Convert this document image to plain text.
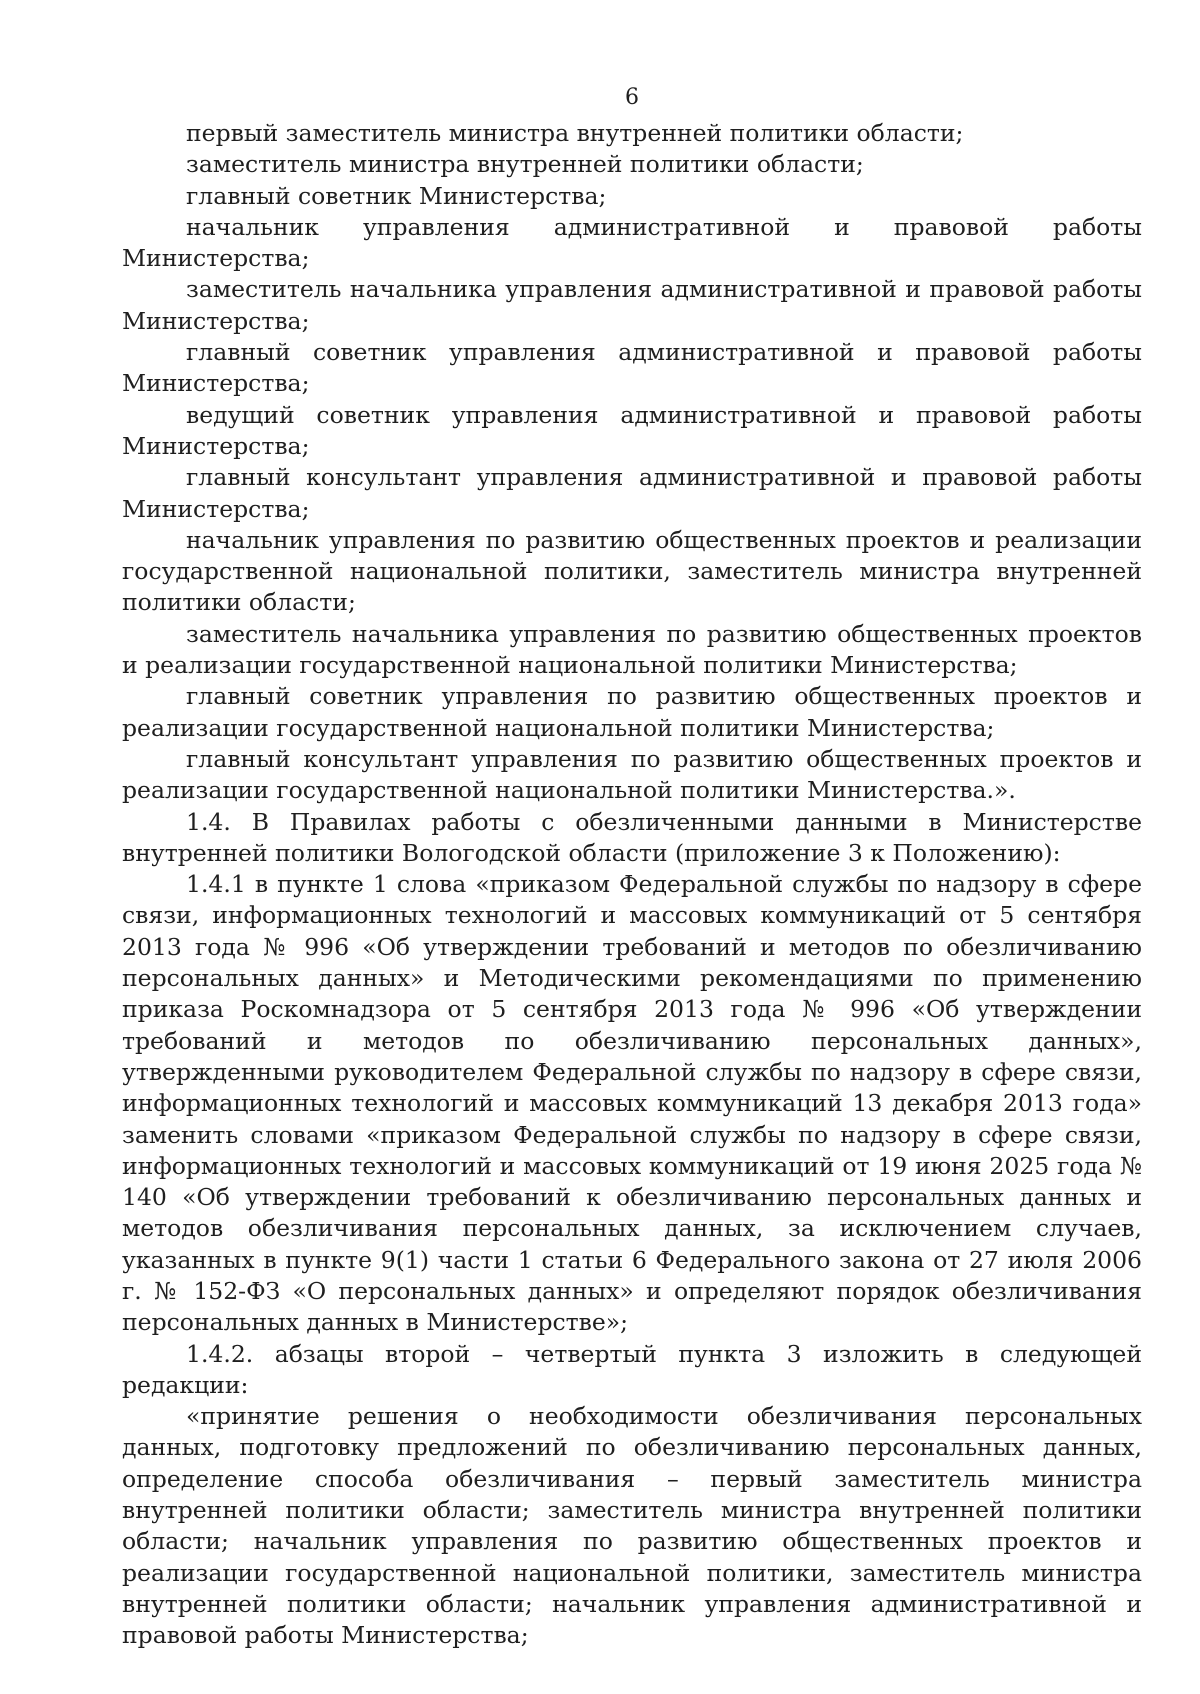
6

первый заместитель министра внутренней политики области;

заместитель министра внутренней политики области;

главный советник Министерства;

начальник управления административной и правовой работы Министерства;

заместитель начальника управления административной и правовой работы Министерства;

главный советник управления административной и правовой работы Министерства;

ведущий советник управления административной и правовой работы Министерства;

главный консультант управления административной и правовой работы Министерства;

начальник управления по развитию общественных проектов и реализации государственной национальной политики, заместитель министра внутренней политики области;

заместитель начальника управления по развитию общественных проектов и реализации государственной национальной политики Министерства;

главный советник управления по развитию общественных проектов и реализации государственной национальной политики Министерства;

главный консультант управления по развитию общественных проектов и реализации государственной национальной политики Министерства.».

1.4. В Правилах работы с обезличенными данными в Министерстве внутренней политики Вологодской области (приложение 3 к Положению):

1.4.1 в пункте 1 слова «приказом Федеральной службы по надзору в сфере связи, информационных технологий и массовых коммуникаций от 5 сентября 2013 года № 996 «Об утверждении требований и методов по обезличиванию персональных данных» и Методическими рекомендациями по применению приказа Роскомнадзора от 5 сентября 2013 года № 996 «Об утверждении требований и методов по обезличиванию персональных данных», утвержденными руководителем Федеральной службы по надзору в сфере связи, информационных технологий и массовых коммуникаций 13 декабря 2013 года» заменить словами «приказом Федеральной службы по надзору в сфере связи, информационных технологий и массовых коммуникаций от 19 июня 2025 года № 140 «Об утверждении требований к обезличиванию персональных данных и методов обезличивания персональных данных, за исключением случаев, указанных в пункте 9(1) части 1 статьи 6 Федерального закона от 27 июля 2006 г. № 152-ФЗ «О персональных данных» и определяют порядок обезличивания персональных данных в Министерстве»;

1.4.2. абзацы второй – четвертый пункта 3 изложить в следующей редакции:

«принятие решения о необходимости обезличивания персональных данных, подготовку предложений по обезличиванию персональных данных, определение способа обезличивания – первый заместитель министра внутренней политики области; заместитель министра внутренней политики области; начальник управления по развитию общественных проектов и реализации государственной национальной политики, заместитель министра внутренней политики области; начальник управления административной и правовой работы Министерства;
